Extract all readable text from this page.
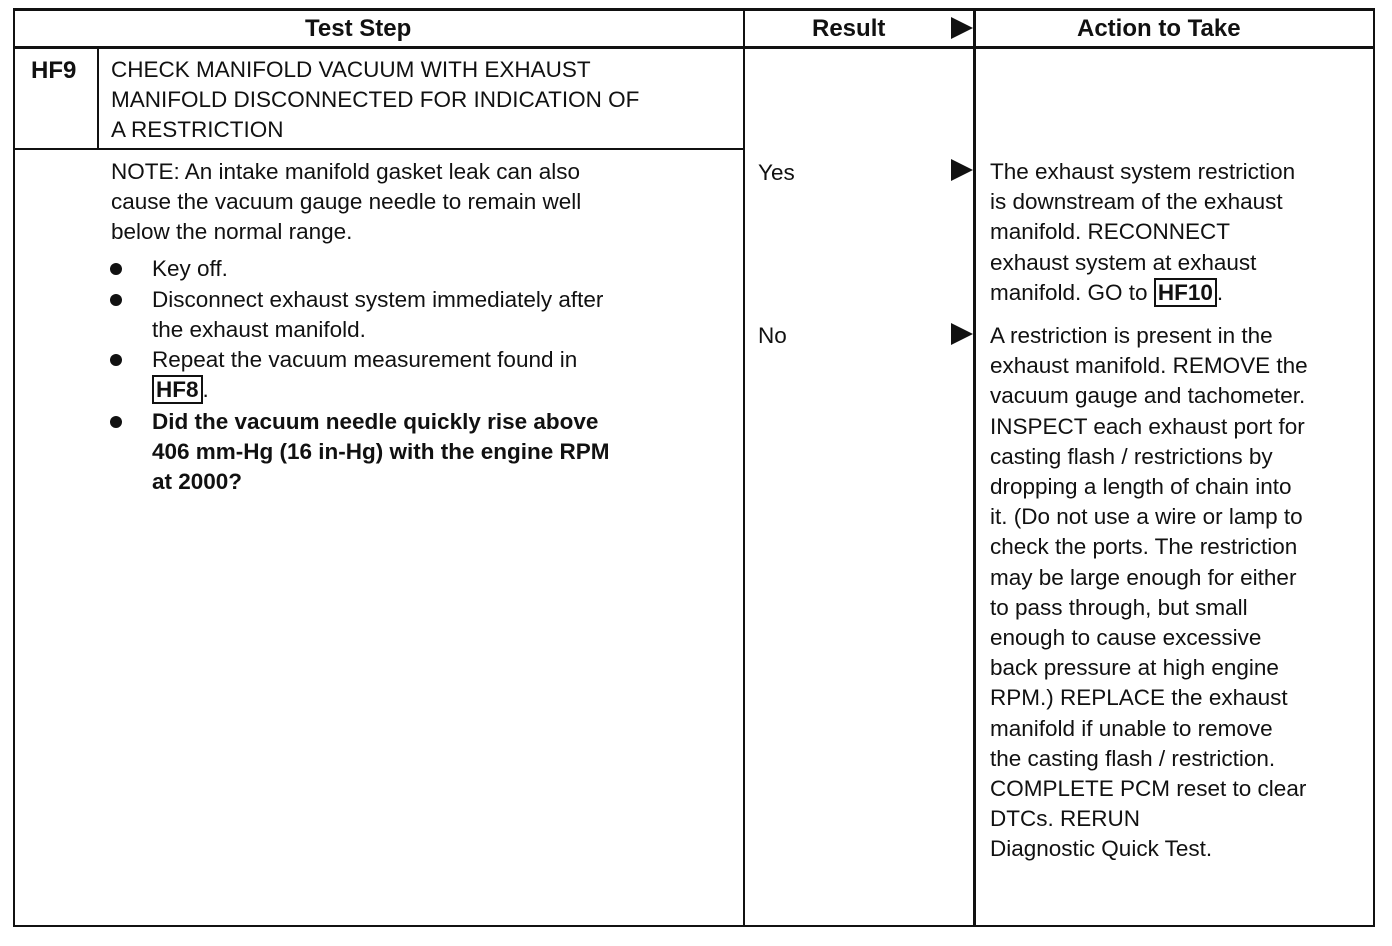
Test Step	Result	Action to Take
HF9 CHECK MANIFOLD VACUUM WITH EXHAUST
MANIFOLD DISCONNECTED FOR INDICATION OF
A RESTRICTION
NOTE: An intake manifold gasket leak can also
cause the vacuum gauge needle to remain well
below the normal range.
Key off.
Disconnect exhaust system immediately after
the exhaust manifold.
Repeat the vacuum measurement found in
HF8 .
Did the vacuum needle quickly rise above
406 mm-Hg (16 in-Hg) with the engine RPM
at 2000?
Yes
No
The exhaust system restriction
is downstream of the exhaust
manifold. RECONNECT
exhaust system at exhaust
manifold. GO to HF10 .
A restriction is present in the
exhaust manifold. REMOVE the
vacuum gauge and tachometer.
INSPECT each exhaust port for
casting flash / restrictions by
dropping a length of chain into
it. (Do not use a wire or lamp to
check the ports. The restriction
may be large enough for either
to pass through, but small
enough to cause excessive
back pressure at high engine
RPM.) REPLACE the exhaust
manifold if unable to remove
the casting flash / restriction.
COMPLETE PCM reset to clear
DTCs. RERUN
Diagnostic Quick Test.
